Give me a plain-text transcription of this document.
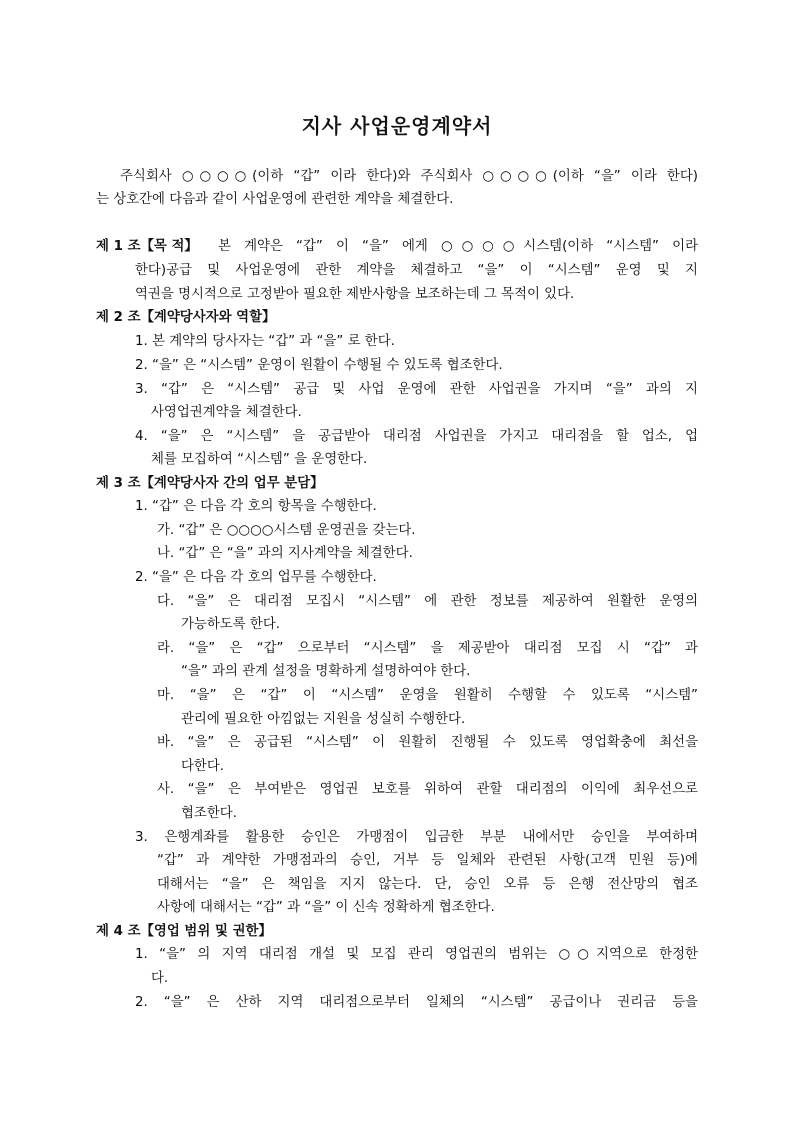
지사 사업운영계약서
주식회사 ○○○○(이하 “갑” 이라 한다)와 주식회사 ○○○○(이하 “을” 이라 한다)
는 상호간에 다음과 같이 사업운영에 관련한 계약을 체결한다.
제 1 조【목 적】 본 계약은 “갑” 이 “을” 에게 ○○○○시스템(이하 “시스템” 이라
한다)공급 및 사업운영에 관한 계약을 체결하고 “을” 이 “시스템” 운영 및 지
역권을 명시적으로 고정받아 필요한 제반사항을 보조하는데 그 목적이 있다.
제 2 조【계약당사자와 역할】
1. 본 계약의 당사자는 “갑” 과 “을” 로 한다.
2. “을” 은 “시스템” 운영이 원활이 수행될 수 있도록 협조한다.
3. “갑” 은 “시스템” 공급 및 사업 운영에 관한 사업권을 가지며 “을” 과의 지
사영업권계약을 체결한다.
4. “을” 은 “시스템” 을 공급받아 대리점 사업권을 가지고 대리점을 할 업소, 업
체를 모집하여 “시스템” 을 운영한다.
제 3 조【계약당사자 간의 업무 분담】
1. “갑” 은 다음 각 호의 항목을 수행한다.
가. “갑” 은 ○○○○시스템 운영권을 갖는다.
나. “갑” 은 “을” 과의 지사계약을 체결한다.
2. “을” 은 다음 각 호의 업무를 수행한다.
다. “을” 은 대리점 모집시 “시스템” 에 관한 정보를 제공하여 원활한 운영의
가능하도록 한다.
라. “을” 은 “갑” 으로부터 “시스템” 을 제공받아 대리점 모집 시 “갑” 과
“을” 과의 관계 설정을 명확하게 설명하여야 한다.
마. “을” 은 “갑” 이 “시스템” 운영을 원활히 수행할 수 있도록 “시스템”
관리에 필요한 아낌없는 지원을 성실히 수행한다.
바. “을” 은 공급된 “시스템” 이 원활히 진행될 수 있도록 영업확충에 최선을
다한다.
사. “을” 은 부여받은 영업권 보호를 위하여 관할 대리점의 이익에 최우선으로
협조한다.
3. 은행계좌를 활용한 승인은 가맹점이 입금한 부분 내에서만 승인을 부여하며
“갑” 과 계약한 가맹점과의 승인, 거부 등 일체와 관련된 사항(고객 민원 등)에
대해서는 “을” 은 책임을 지지 않는다. 단, 승인 오류 등 은행 전산망의 협조
사항에 대해서는 “갑” 과 “을” 이 신속 정확하게 협조한다.
제 4 조【영업 범위 및 권한】
1. “을” 의 지역 대리점 개설 및 모집 관리 영업권의 범위는 ○○지역으로 한정한
다.
2. “을” 은 산하 지역 대리점으로부터 일체의 “시스템” 공급이나 권리금 등을
